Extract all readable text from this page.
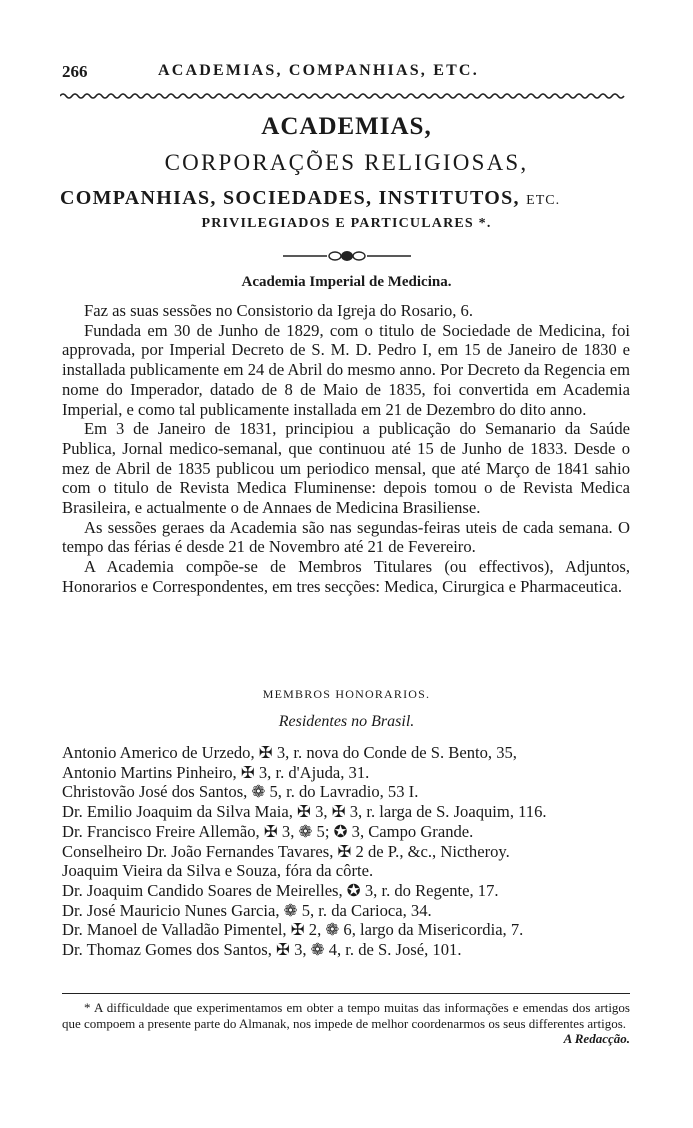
266	ACADEMIAS, COMPANHIAS, ETC.
ACADEMIAS,
CORPORAÇÕES RELIGIOSAS,
COMPANHIAS, SOCIEDADES, INSTITUTOS, ETC.
PRIVILEGIADOS E PARTICULARES *.
Academia Imperial de Medicina.

Faz as suas sessões no Consistorio da Igreja do Rosario, 6.

Fundada em 30 de Junho de 1829, com o titulo de Sociedade de Medicina, foi approvada, por Imperial Decreto de S. M. D. Pedro I, em 15 de Janeiro de 1830 e installada publicamente em 24 de Abril do mesmo anno. Por Decreto da Regencia em nome do Imperador, datado de 8 de Maio de 1835, foi convertida em Academia Imperial, e como tal publicamente installada em 21 de Dezembro do dito anno.

Em 3 de Janeiro de 1831, principiou a publicação do Semanario da Saúde Publica, Jornal medico-semanal, que continuou até 15 de Junho de 1833. Desde o mez de Abril de 1835 publicou um periodico mensal, que até Março de 1841 sahio com o titulo de Revista Medica Fluminense: depois tomou o de Revista Medica Brasileira, e actualmente o de Annaes de Medicina Brasiliense.

As sessões geraes da Academia são nas segundas-feiras uteis de cada semana. O tempo das férias é desde 21 de Novembro até 21 de Fevereiro.

A Academia compõe-se de Membros Titulares (ou effectivos), Adjuntos, Honorarios e Correspondentes, em tres secções: Medica, Cirurgica e Pharmaceutica.

MEMBROS HONORARIOS.
Residentes no Brasil.
Antonio Americo de Urzedo, ✠ 3, r. nova do Conde de S. Bento, 35,
Antonio Martins Pinheiro, ✠ 3, r. d'Ajuda, 31.
Christovão José dos Santos, ❁ 5, r. do Lavradio, 53 I.
Dr. Emilio Joaquim da Silva Maia, ✠ 3, ✠ 3, r. larga de S. Joaquim, 116.
Dr. Francisco Freire Allemão, ✠ 3, ❁ 5; ✪ 3, Campo Grande.
Conselheiro Dr. João Fernandes Tavares, ✠ 2 de P., &c., Nictheroy.
Joaquim Vieira da Silva e Souza, fóra da côrte.
Dr. Joaquim Candido Soares de Meirelles, ✪ 3, r. do Regente, 17.
Dr. José Mauricio Nunes Garcia, ❁ 5, r. da Carioca, 34.
Dr. Manoel de Valladão Pimentel, ✠ 2, ❁ 6, largo da Misericordia, 7.
Dr. Thomaz Gomes dos Santos, ✠ 3, ❁ 4, r. de S. José, 101.

* A difficuldade que experimentamos em obter a tempo muitas das informações e emendas dos artigos que compoem a presente parte do Almanak, nos impede de melhor coordenarmos os seus differentes artigos.
A Redacção.
